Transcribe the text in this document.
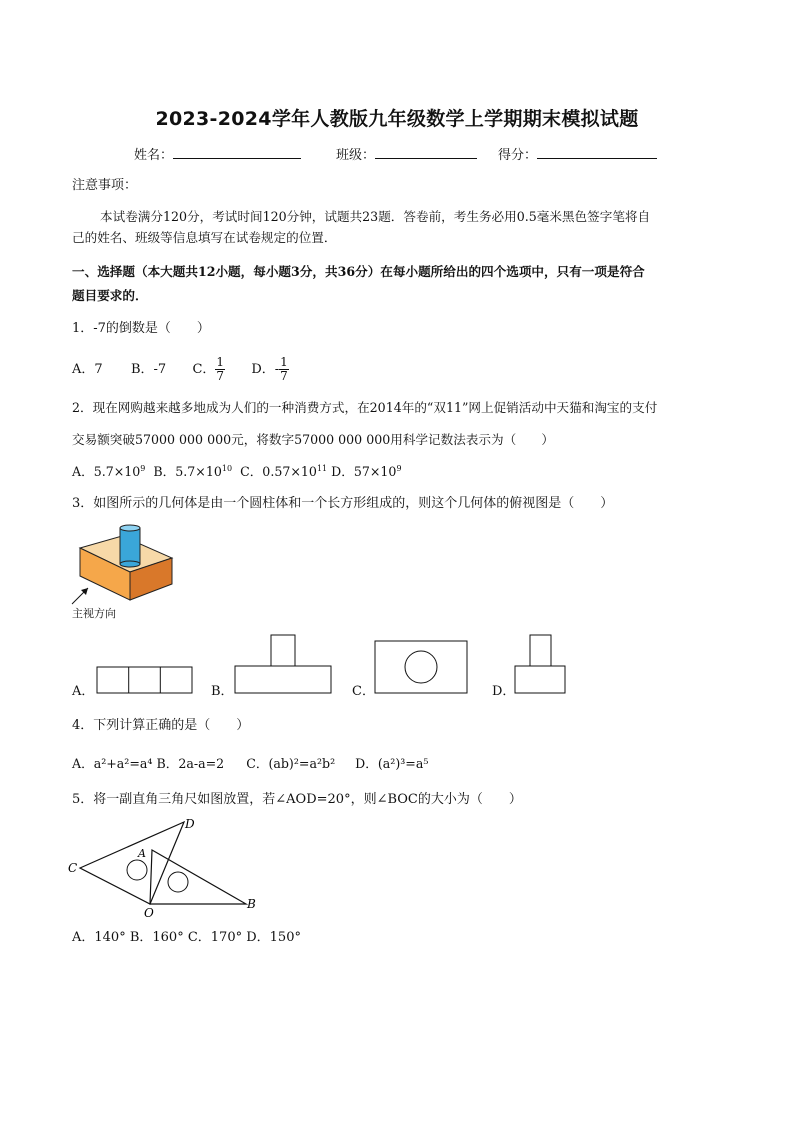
2023-2024学年人教版九年级数学上学期期末模拟试题
姓名：	班级：	得分：
注意事项：
本试卷满分120分，考试时间120分钟，试题共23题．答卷前，考生务必用0.5毫米黑色签字笔将自
己的姓名、班级等信息填写在试卷规定的位置．
一、选择题（本大题共12小题，每小题3分，共36分）在每小题所给出的四个选项中，只有一项是符合
题目要求的．
1．-7的倒数是（　　）
A．7 B．-7 C． $\frac{1}{7}$ D．- $\frac{1}{7}$
2．现在网购越来越多地成为人们的一种消费方式，在2014年的“双11”网上促销活动中天猫和淘宝的支付
交易额突破57000 000 000元，将数字57000 000 000用科学记数法表示为（　　）
A．$5.7\times 10^9$ B．$5.7\times 10^{10}$ C．$0.57\times 10^{11}$ D．$57\times 10^9$
3．如图所示的几何体是由一个圆柱体和一个长方形组成的，则这个几何体的俯视图是（　　）
主视方向
A．	B．	C．	D．
4．下列计算正确的是（　　）
A．a²+a²=a⁴ B．2a-a=2 C．(ab)²=a²b² D．(a²)³=a⁵
5．将一副直角三角尺如图放置，若∠AOD=20°，则∠BOC的大小为（　　）
C
D
A
O
B
A．140° B．160° C．170° D．150°
